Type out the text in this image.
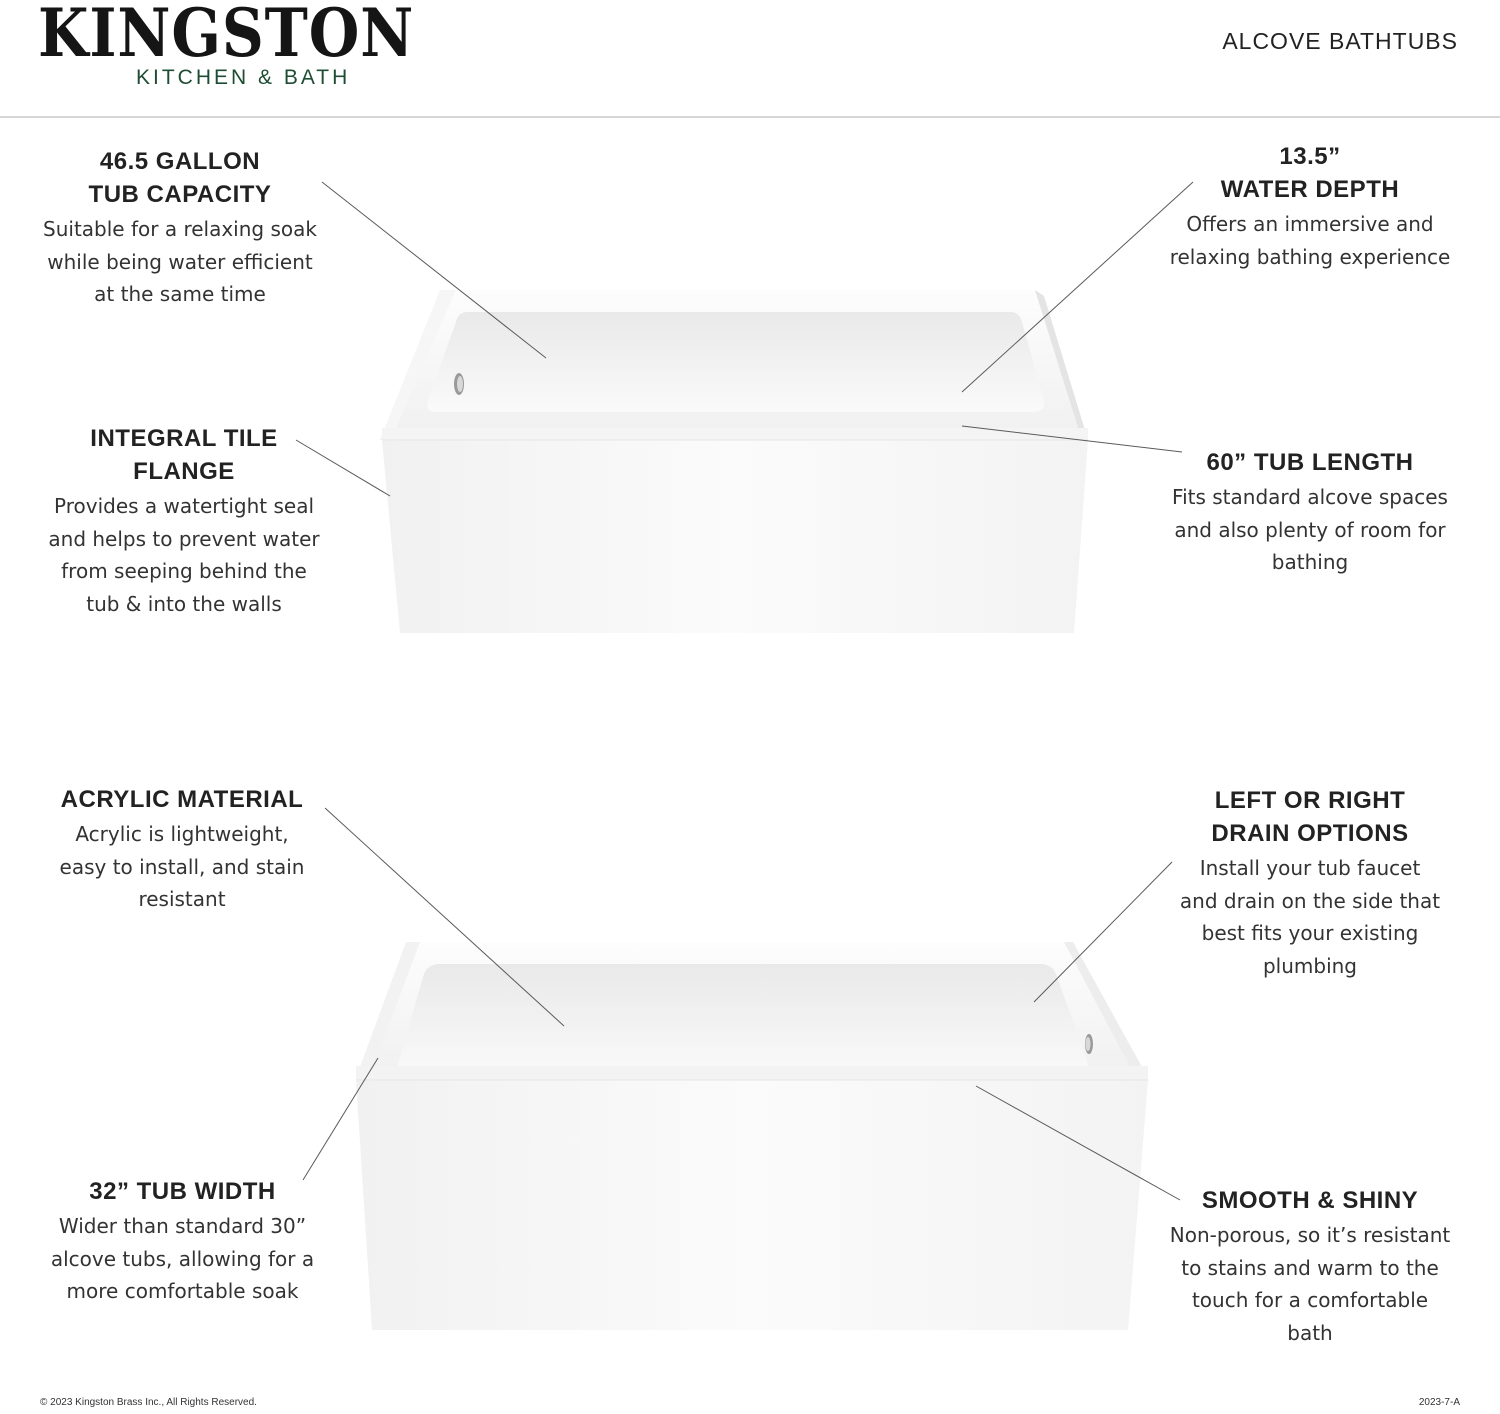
KINGSTON
KITCHEN & BATH
ALCOVE BATHTUBS
46.5 GALLON
TUB CAPACITY
Suitable for a relaxing soak
while being water efficient
at the same time
13.5”
WATER DEPTH
Offers an immersive and
relaxing bathing experience
INTEGRAL TILE
FLANGE
Provides a watertight seal
and helps to prevent water
from seeping behind the
tub & into the walls
60” TUB LENGTH
Fits standard alcove spaces
and also plenty of room for
bathing
ACRYLIC MATERIAL
Acrylic is lightweight,
easy to install, and stain
resistant
LEFT OR RIGHT
DRAIN OPTIONS
Install your tub faucet
and drain on the side that
best fits your existing
plumbing
32” TUB WIDTH
Wider than standard 30”
alcove tubs, allowing for a
more comfortable soak
SMOOTH & SHINY
Non-porous, so it’s resistant
to stains and warm to the
touch for a comfortable
bath
© 2023 Kingston Brass Inc., All Rights Reserved.	2023-7-A
